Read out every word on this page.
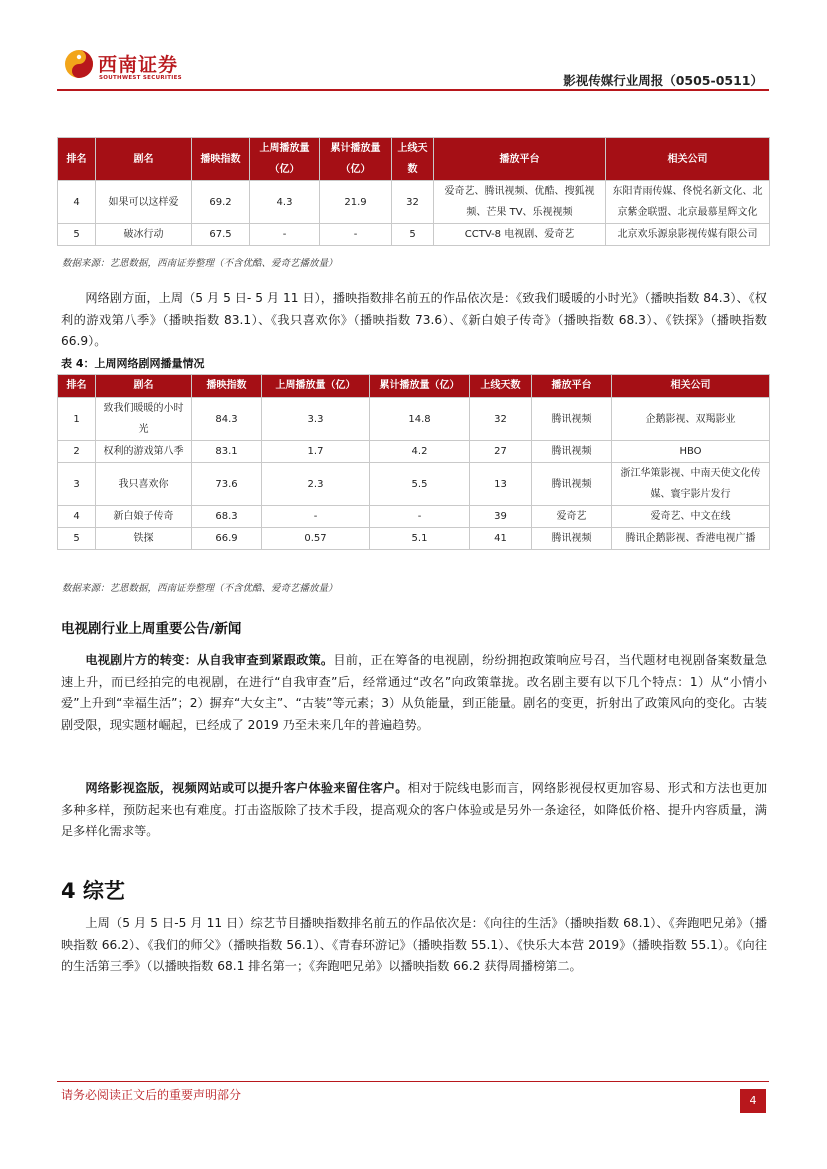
西南证券
SOUTHWEST SECURITIES	影视传媒行业周报（0505-0511）
排名	剧名	播映指数	上周播放量（亿）	累计播放量（亿）	上线天数	播放平台	相关公司
4	如果可以这样爱	69.2	4.3	21.9	32	爱奇艺、腾讯视频、优酷、搜狐视频、芒果 TV、乐视视频	东阳青雨传媒、佟悦名新文化、北京紫金联盟、北京最慕星辉文化
5	破冰行动	67.5	-	-	5	CCTV-8 电视剧、爱奇艺	北京欢乐源泉影视传媒有限公司
数据来源：艺恩数据，西南证券整理（不含优酷、爱奇艺播放量）

网络剧方面，上周（5 月 5 日- 5 月 11 日），播映指数排名前五的作品依次是：《致我们暖暖的小时光》（播映指数 84.3）、《权利的游戏第八季》（播映指数 83.1）、《我只喜欢你》（播映指数 73.6）、《新白娘子传奇》（播映指数 68.3）、《铁探》（播映指数 66.9）。

表 4：上周网络剧网播量情况
排名	剧名	播映指数	上周播放量（亿）	累计播放量（亿）	上线天数	播放平台	相关公司
1	致我们暖暖的小时光	84.3	3.3	14.8	32	腾讯视频	企鹅影视、双羯影业
2	权利的游戏第八季	83.1	1.7	4.2	27	腾讯视频	HBO
3	我只喜欢你	73.6	2.3	5.5	13	腾讯视频	浙江华策影视、中南天使文化传媒、寰宇影片发行
4	新白娘子传奇	68.3	-	-	39	爱奇艺	爱奇艺、中文在线
5	铁探	66.9	0.57	5.1	41	腾讯视频	腾讯企鹅影视、香港电视广播
数据来源：艺恩数据，西南证券整理（不含优酷、爱奇艺播放量）
电视剧行业上周重要公告/新闻

电视剧片方的转变：从自我审查到紧跟政策。目前，正在筹备的电视剧，纷纷拥抱政策响应号召，当代题材电视剧备案数量急速上升，而已经拍完的电视剧，在进行“自我审查”后，经常通过“改名”向政策靠拢。改名剧主要有以下几个特点：1）从“小情小爱”上升到“幸福生活”；2）摒弃“大女主”、“古装”等元素；3）从负能量，到正能量。剧名的变更，折射出了政策风向的变化。古装剧受限，现实题材崛起，已经成了 2019 乃至未来几年的普遍趋势。

网络影视盗版，视频网站或可以提升客户体验来留住客户。相对于院线电影而言，网络影视侵权更加容易、形式和方法也更加多种多样，预防起来也有难度。打击盗版除了技术手段，提高观众的客户体验或是另外一条途径，如降低价格、提升内容质量，满足多样化需求等。

4 综艺

上周（5 月 5 日-5 月 11 日）综艺节目播映指数排名前五的作品依次是：《向往的生活》（播映指数 68.1）、《奔跑吧兄弟》（播映指数 66.2）、《我们的师父》（播映指数 56.1）、《青春环游记》（播映指数 55.1）、《快乐大本营 2019》（播映指数 55.1）。《向往的生活第三季》（以播映指数 68.1 排名第一；《奔跑吧兄弟》以播映指数 66.2 获得周播榜第二。

请务必阅读正文后的重要声明部分	4
